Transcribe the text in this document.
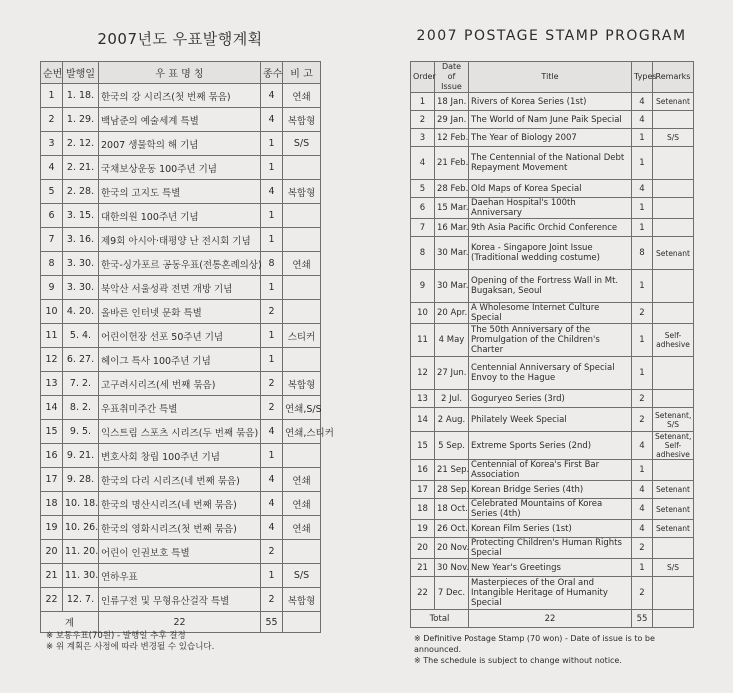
2007년도 우표발행계획
순번	발행일	우 표 명 칭	종수	비 고
1	1. 18.	한국의 강 시리즈(첫 번째 묶음)	4	연쇄
2	1. 29.	백남준의 예술세계 특별	4	복합형
3	2. 12.	2007 생물학의 해 기념	1	S/S
4	2. 21.	국채보상운동 100주년 기념	1	
5	2. 28.	한국의 고지도 특별	4	복합형
6	3. 15.	대한의원 100주년 기념	1	
7	3. 16.	제9회 아시아·태평양 난 전시회 기념	1	
8	3. 30.	한국-싱가포르 공동우표(전통혼례의상)	8	연쇄
9	3. 30.	북악산 서울성곽 전면 개방 기념	1	
10	4. 20.	올바른 인터넷 문화 특별	2	
11	5. 4.	어린이헌장 선포 50주년 기념	1	스티커
12	6. 27.	헤이그 특사 100주년 기념	1	
13	7. 2.	고구려시리즈(세 번째 묶음)	2	복합형
14	8. 2.	우표취미주간 특별	2	연쇄,S/S
15	9. 5.	익스트림 스포츠 시리즈(두 번째 묶음)	4	연쇄,스티커
16	9. 21.	변호사회 창립 100주년 기념	1	
17	9. 28.	한국의 다리 시리즈(네 번째 묶음)	4	연쇄
18	10. 18.	한국의 명산시리즈(네 번째 묶음)	4	연쇄
19	10. 26.	한국의 영화시리즈(첫 번째 묶음)	4	연쇄
20	11. 20.	어린이 인권보호 특별	2	
21	11. 30.	연하우표	1	S/S
22	12. 7.	인류구전 및 무형유산걸작 특별	2	복합형
계		22	55	
※ 보통우표(70원) - 발행일 추후 결정
※ 위 계획은 사정에 따라 변경될 수 있습니다.
2007 POSTAGE STAMP PROGRAM
Order	Date of Issue	Title	Types	Remarks
1	18 Jan.	Rivers of Korea Series (1st)	4	Setenant
2	29 Jan.	The World of Nam June Paik Special	4	
3	12 Feb.	The Year of Biology 2007	1	S/S
4	21 Feb.	The Centennial of the National Debt Repayment Movement	1	
5	28 Feb.	Old Maps of Korea Special	4	
6	15 Mar.	Daehan Hospital's 100th Anniversary	1	
7	16 Mar.	9th Asia Pacific Orchid Conference	1	
8	30 Mar.	Korea - Singapore Joint Issue (Traditional wedding costume)	8	Setenant
9	30 Mar.	Opening of the Fortress Wall in Mt. Bugaksan, Seoul	1	
10	20 Apr.	A Wholesome Internet Culture Special	2	
11	4 May	The 50th Anniversary of the Promulgation of the Children's Charter	1	Self-adhesive
12	27 Jun.	Centennial Anniversary of Special Envoy to the Hague	1	
13	2 Jul.	Goguryeo Series (3rd)	2	
14	2 Aug.	Philately Week Special	2	Setenant, S/S
15	5 Sep.	Extreme Sports Series (2nd)	4	Setenant, Self-adhesive
16	21 Sep.	Centennial of Korea's First Bar Association	1	
17	28 Sep.	Korean Bridge Series (4th)	4	Setenant
18	18 Oct.	Celebrated Mountains of Korea Series (4th)	4	Setenant
19	26 Oct.	Korean Film Series (1st)	4	Setenant
20	20 Nov.	Protecting Children's Human Rights Special	2	
21	30 Nov.	New Year's Greetings	1	S/S
22	7 Dec.	Masterpieces of the Oral and Intangible Heritage of Humanity Special	2	
Total		22	55	
※ Definitive Postage Stamp (70 won) - Date of issue is to be announced.
※ The schedule is subject to change without notice.
